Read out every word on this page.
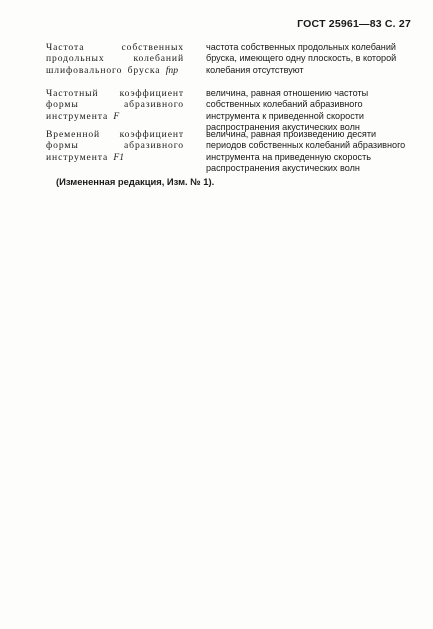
ГОСТ 25961—83 С. 27
Частота собственных продольных колебаний шлифовального бруска fпр
частота собственных продольных колебаний бруска, имеющего одну плоскость, в которой колебания отсутствуют
Частотный коэффициент формы абразивного инструмента F
величина, равная отношению частоты собственных колебаний абразивного инструмента к приведенной скорости распространения акустических волн
Временной коэффициент формы абразивного инструмента F1
величина, равная произведению десяти периодов собственных колебаний абразивного инструмента на приведенную скорость распространения акустических волн
(Измененная редакция, Изм. № 1).
